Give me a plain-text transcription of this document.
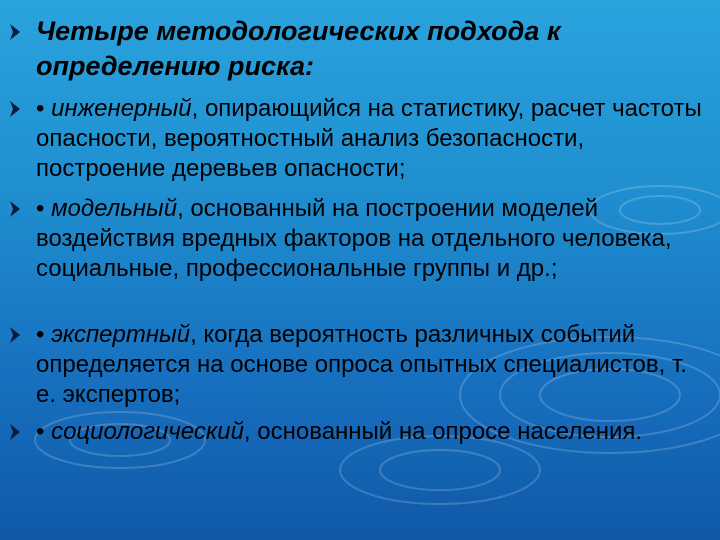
Четыре методологических подхода к определению риска:
• инженерный, опирающийся на статистику, расчет частоты опасности, вероятностный анализ безопасности, построение деревьев опасности;
• модельный, основанный на построении моделей воздействия вредных факторов на отдельного человека, социальные, профессиональные группы и др.;
• экспертный, когда вероятность различных событий определяется на основе опроса опытных специалистов, т. е. экспертов;
• социологический, основанный на опросе населения.
